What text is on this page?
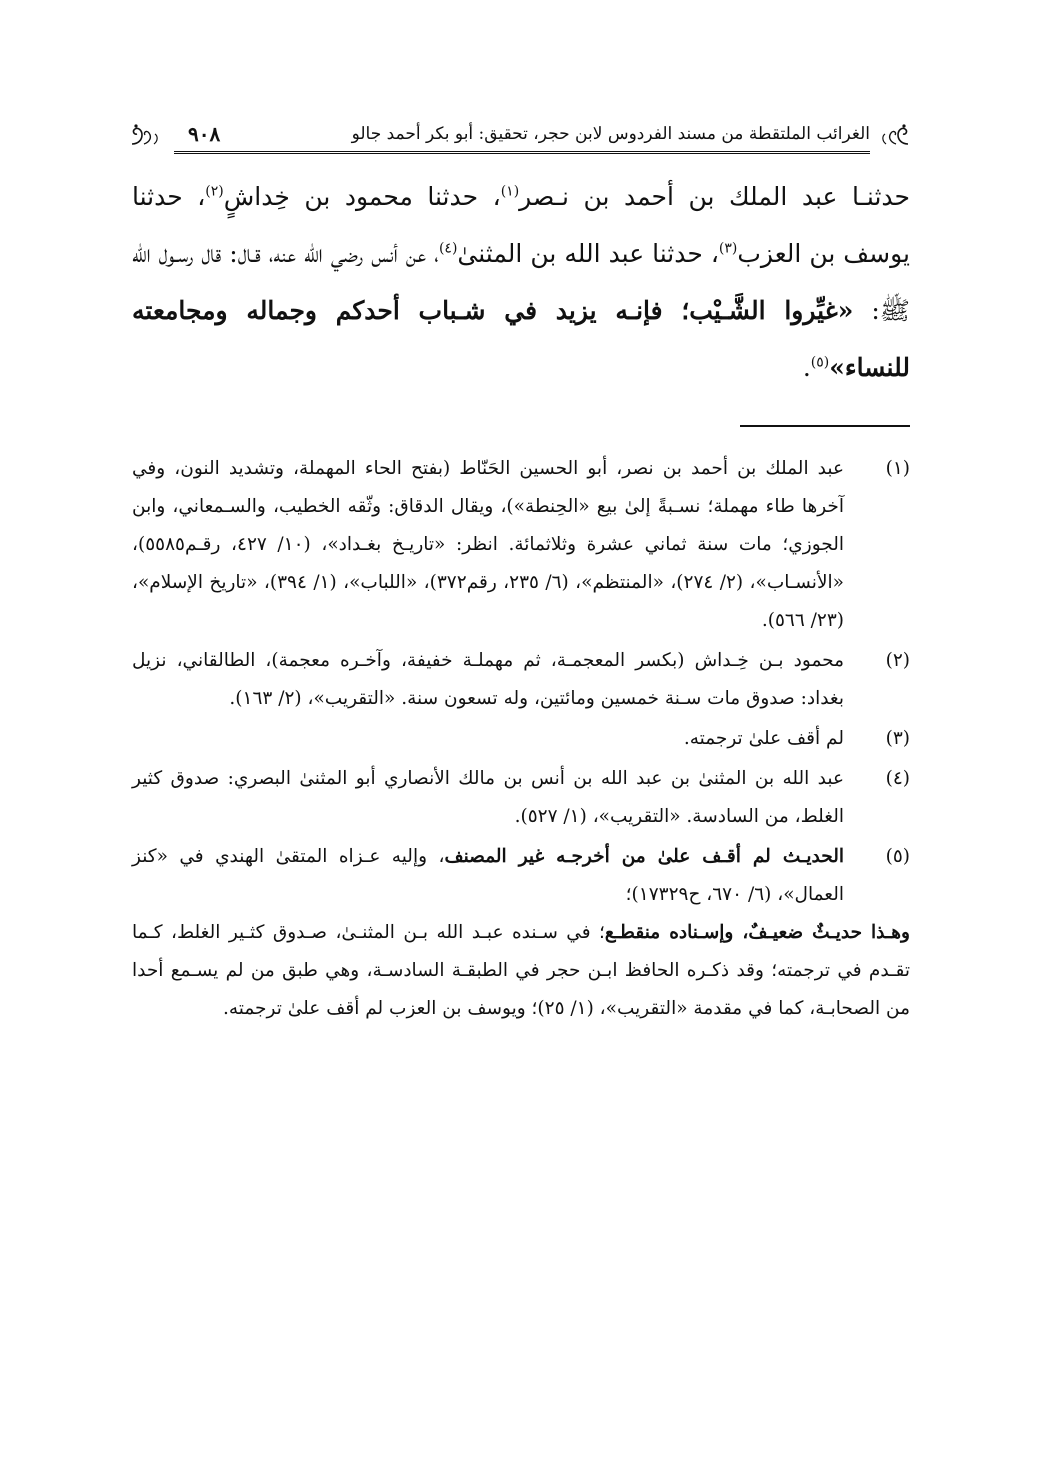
الغرائب الملتقطة من مسند الفردوس لابن حجر، تحقيق: أبو بكر أحمد جالو
٩٠٨

حدثنـا عبد الملك بن أحمد بن نـصر$^{(١)}$، حدثنا محمود بن خِداشٍ$^{(٢)}$، حدثنا يوسف بن العزب$^{(٣)}$، حدثنا عبد الله بن المثنىٰ$^{(٤)}$، عن أنس رضي الله عنه، قـال: قال رسـول الله ﷺ: «غيِّروا الشَّـيْب؛ فإنـه يزيد في شـباب أحدكم وجماله ومجامعته للنساء»$^{(٥)}$.

(١)
عبد الملك بن أحمد بن نصر، أبو الحسين الحَنّاط (بفتح الحاء المهملة، وتشديد النون، وفي آخرها طاء مهملة؛ نسـبةً إلىٰ بيع «الحِنطة»)، ويقال الدقاق: وثّقه الخطيب، والسـمعاني، وابن الجوزي؛ مات سنة ثماني عشرة وثلاثمائة. انظر: «تاريـخ بغـداد»، (١٠/ ٤٢٧، رقـم٥٥٨٥)، «الأنسـاب»، (٢/ ٢٧٤)، «المنتظم»، (٦/ ٢٣٥، رقم٣٧٢)، «اللباب»، (١/ ٣٩٤)، «تاريخ الإسلام»، (٢٣/ ٥٦٦).
(٢)
محمود بـن خِـداش (بكسر المعجمـة، ثم مهملـة خفيفة، وآخـره معجمة)، الطالقاني، نزيل بغداد: صدوق مات سـنة خمسين ومائتين، وله تسعون سنة. «التقريب»، (٢/ ١٦٣).
(٣)
لم أقف علىٰ ترجمته.
(٤)
عبد الله بن المثنىٰ بن عبد الله بن أنس بن مالك الأنصاري أبو المثنىٰ البصري: صدوق كثير الغلط، من السادسة. «التقريب»، (١/ ٥٢٧).
(٥)
الحديـث لم أقـف علىٰ من أخرجـه غير المصنف، وإليه عـزاه المتقىٰ الهندي في «كنز العمال»، (٦/ ٦٧٠، ح١٧٣٢٩)؛
وهـذا حديـثٌ ضعيـفٌ، وإسـناده منقطـع؛ في سـنده عبـد الله بـن المثنـىٰ، صـدوق كثـير الغلط، كـما تقـدم في ترجمته؛ وقد ذكـره الحافظ ابـن حجر في الطبقـة السادسـة، وهي طبق من لم يسـمع أحدا من الصحابـة، كما في مقدمة «التقريب»، (١/ ٢٥)؛ ويوسف بن العزب لم أقف علىٰ ترجمته.
